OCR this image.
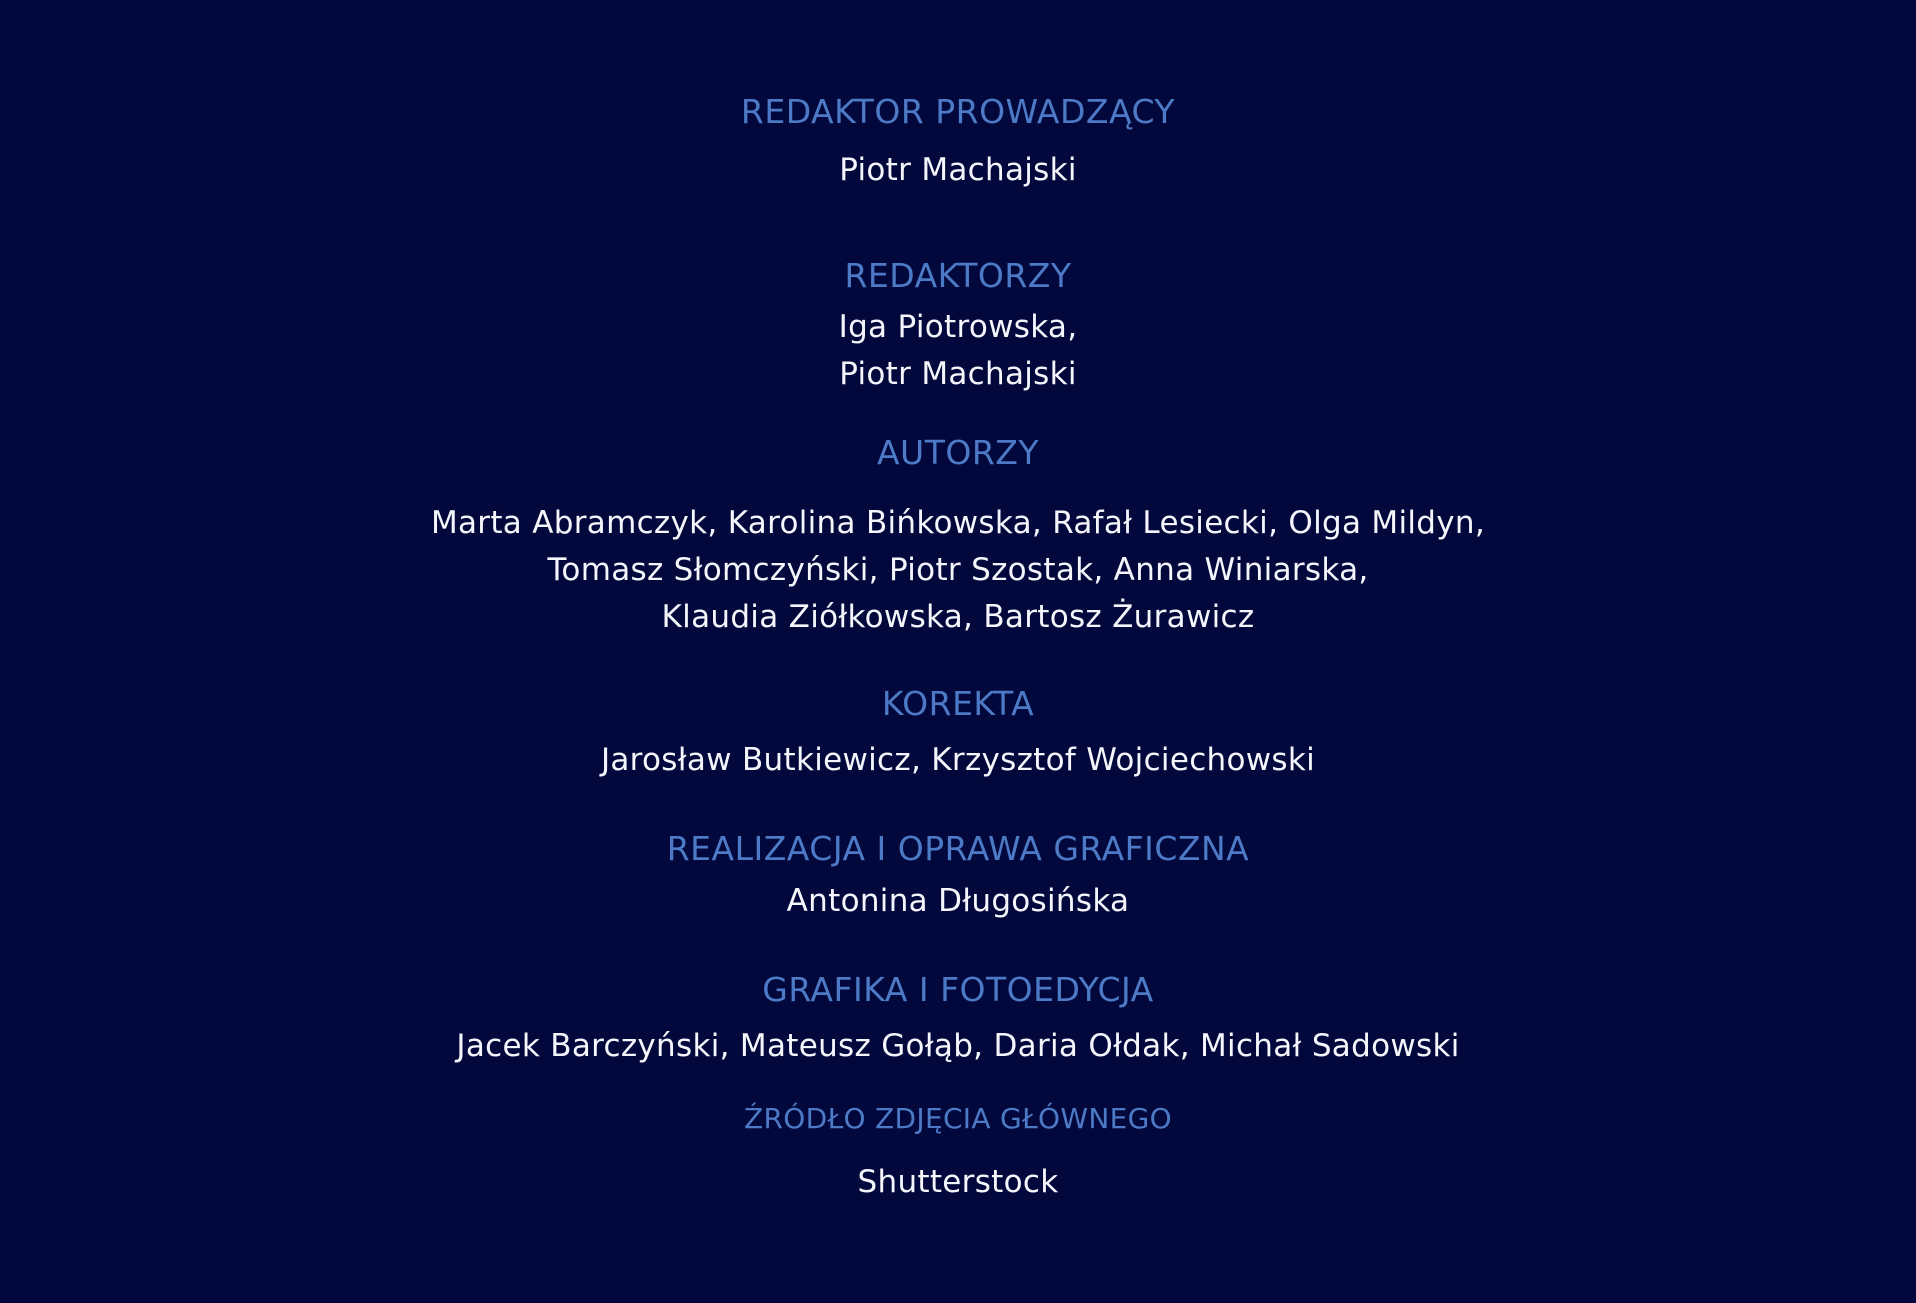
REDAKTOR PROWADZĄCY

Piotr Machajski

REDAKTORZY

Iga Piotrowska,

Piotr Machajski

AUTORZY

Marta Abramczyk, Karolina Bińkowska, Rafał Lesiecki, Olga Mildyn,

Tomasz Słomczyński, Piotr Szostak, Anna Winiarska,

Klaudia Ziółkowska, Bartosz Żurawicz

KOREKTA

Jarosław Butkiewicz, Krzysztof Wojciechowski

REALIZACJA I OPRAWA GRAFICZNA

Antonina Długosińska

GRAFIKA I FOTOEDYCJA

Jacek Barczyński, Mateusz Gołąb, Daria Ołdak, Michał Sadowski

ŹRÓDŁO ZDJĘCIA GŁÓWNEGO

Shutterstock
